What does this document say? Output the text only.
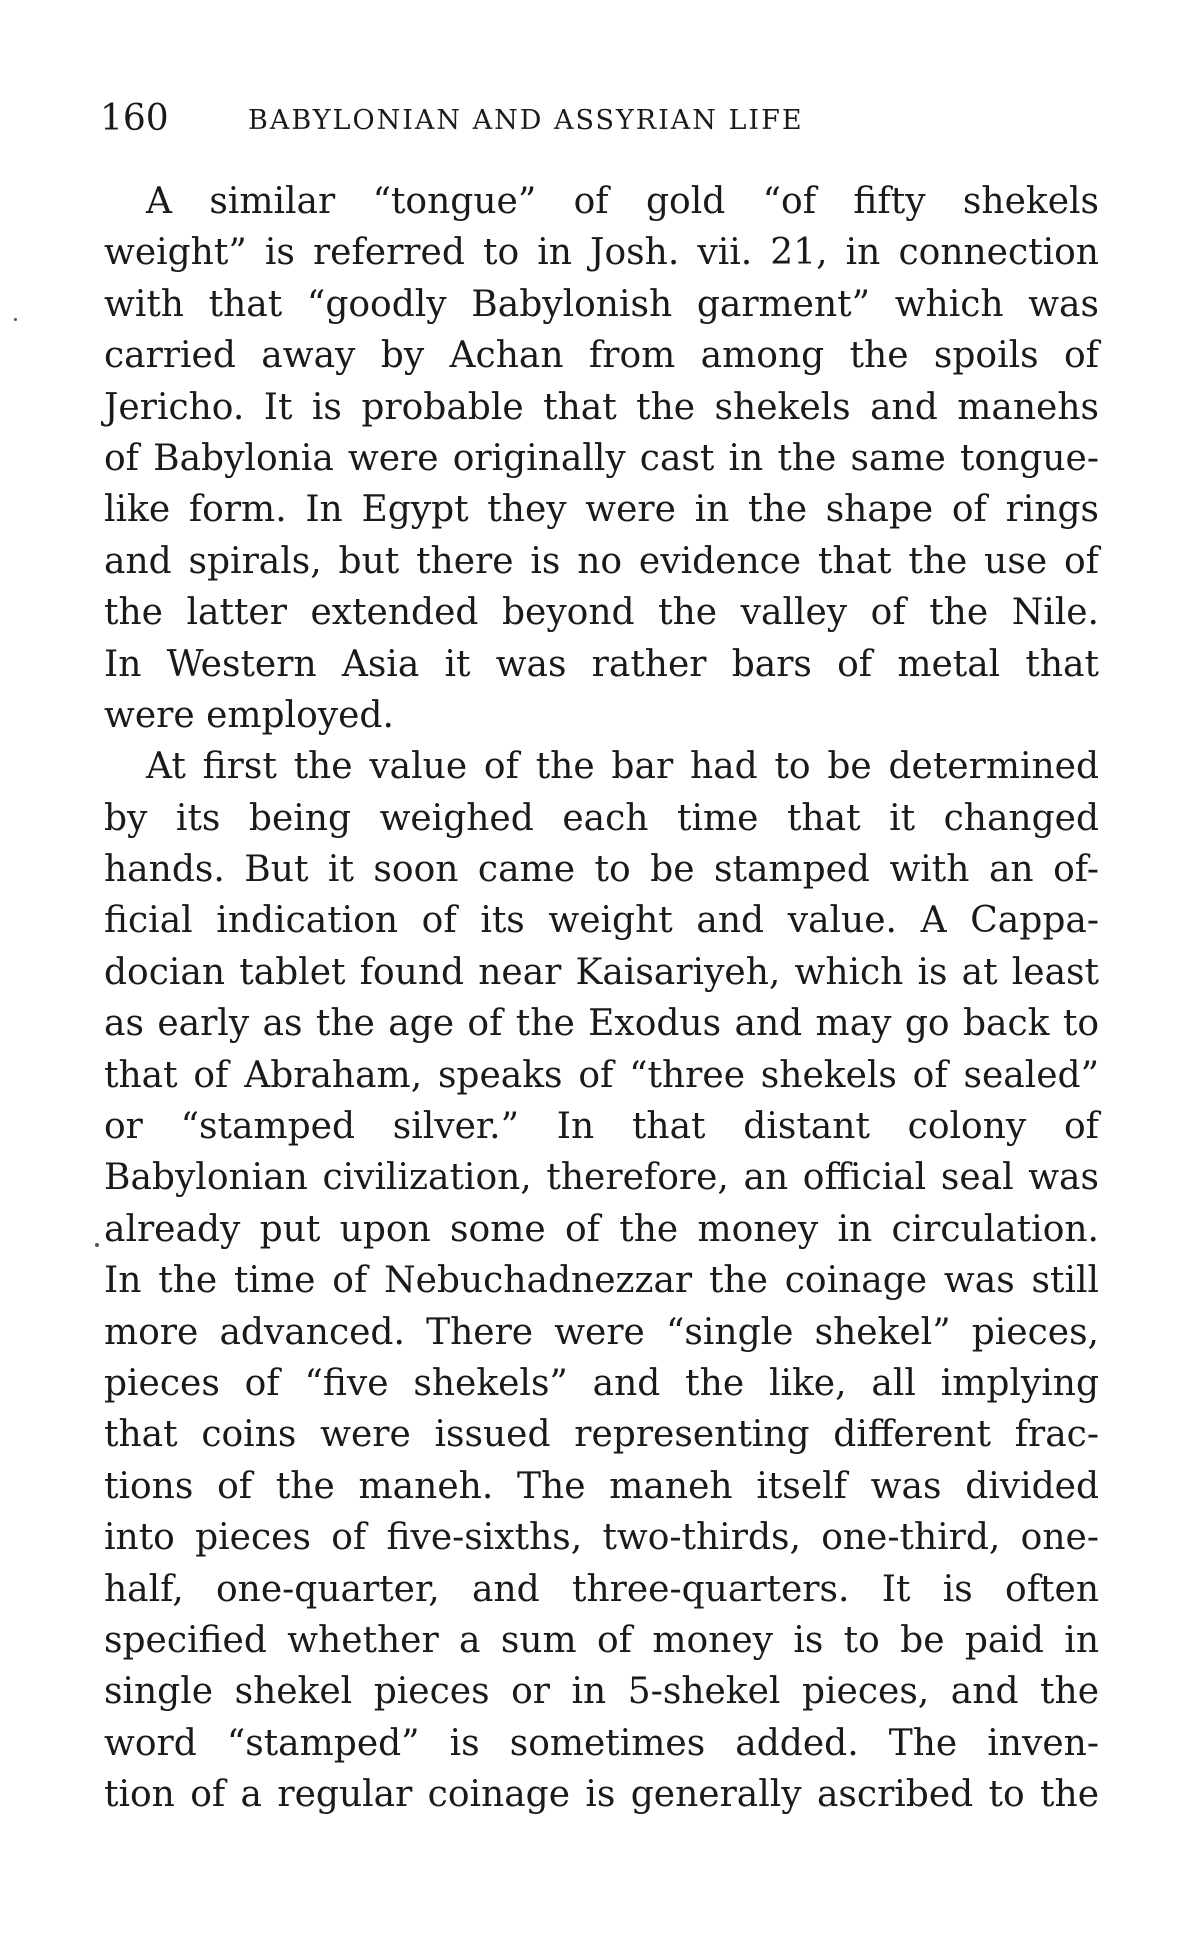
160	BABYLONIAN AND ASSYRIAN LIFE
A similar “tongue” of gold “of fifty shekels
weight” is referred to in Josh. vii. 21, in connection
with that “goodly Babylonish garment” which was
carried away by Achan from among the spoils of
Jericho. It is probable that the shekels and manehs
of Babylonia were originally cast in the same tongue-
like form. In Egypt they were in the shape of rings
and spirals, but there is no evidence that the use of
the latter extended beyond the valley of the Nile.
In Western Asia it was rather bars of metal that
were employed.
At first the value of the bar had to be determined
by its being weighed each time that it changed
hands. But it soon came to be stamped with an of-
ficial indication of its weight and value. A Cappa-
docian tablet found near Kaisariyeh, which is at least
as early as the age of the Exodus and may go back to
that of Abraham, speaks of “three shekels of sealed”
or “stamped silver.” In that distant colony of
Babylonian civilization, therefore, an official seal was
already put upon some of the money in circulation.
In the time of Nebuchadnezzar the coinage was still
more advanced. There were “single shekel” pieces,
pieces of “five shekels” and the like, all implying
that coins were issued representing different frac-
tions of the maneh. The maneh itself was divided
into pieces of five-sixths, two-thirds, one-third, one-
half, one-quarter, and three-quarters. It is often
specified whether a sum of money is to be paid in
single shekel pieces or in 5-shekel pieces, and the
word “stamped” is sometimes added. The inven-
tion of a regular coinage is generally ascribed to the
